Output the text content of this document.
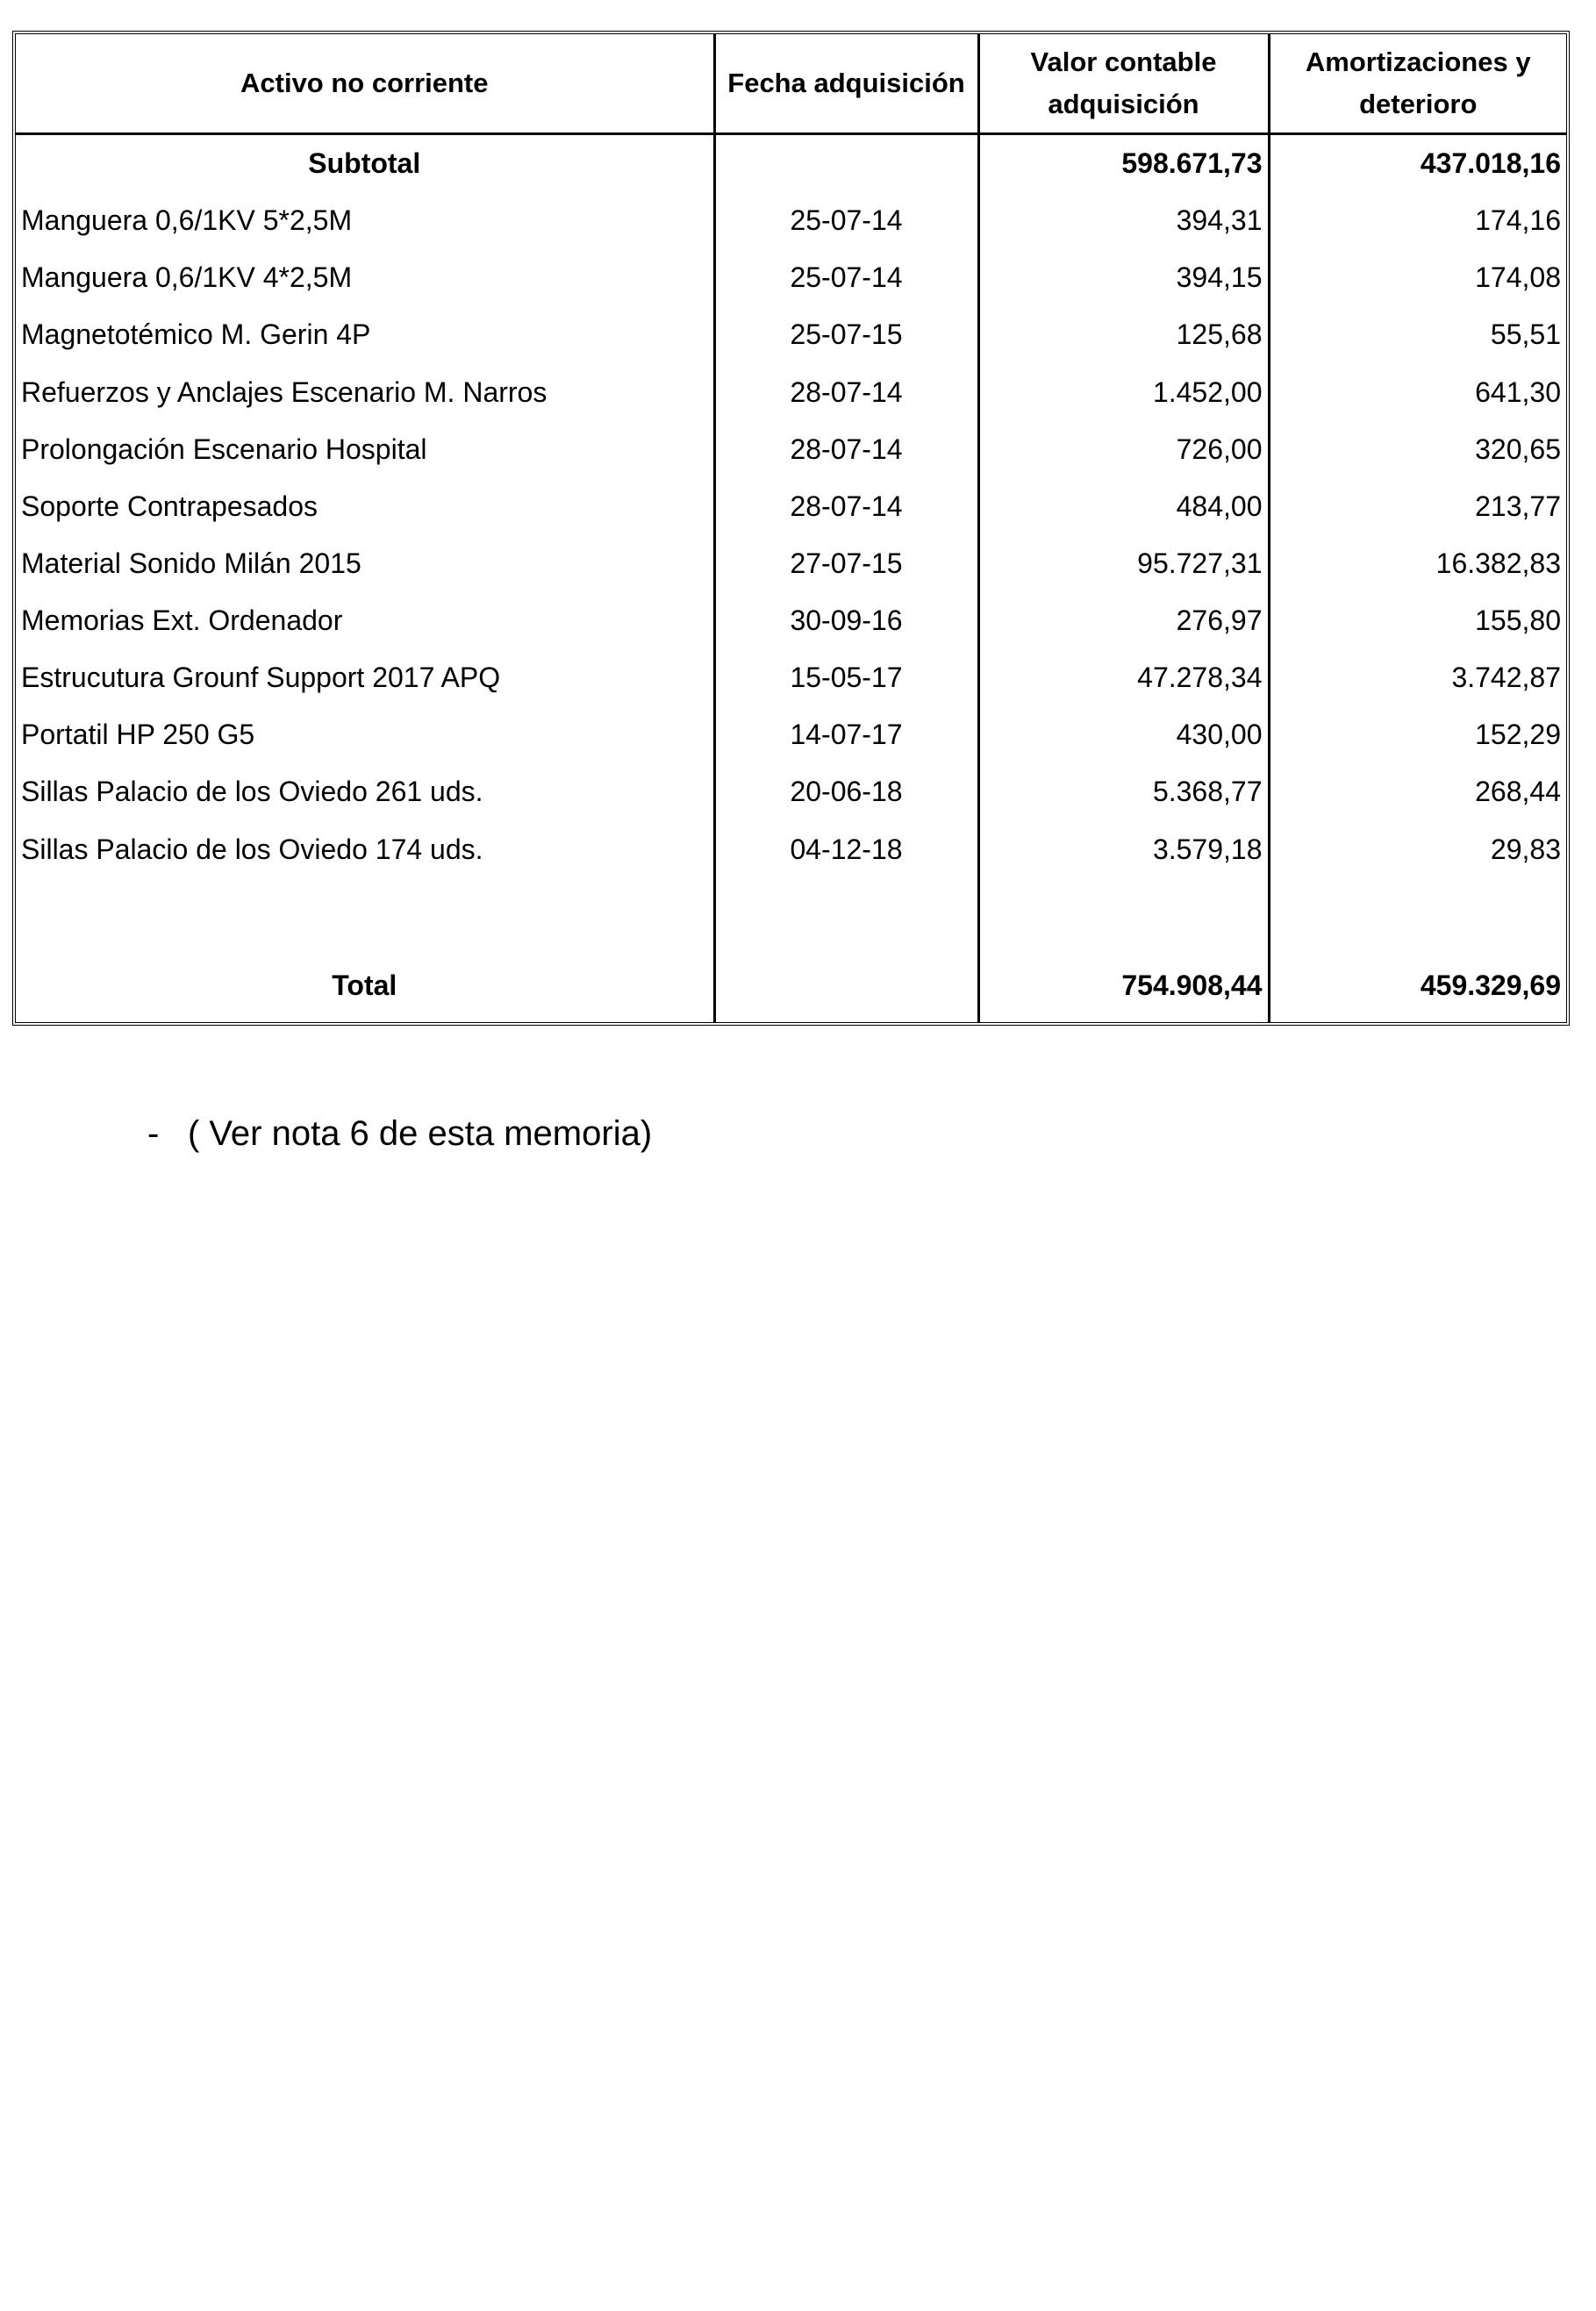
Activo no corriente	Fecha adquisición	Valor contable adquisición	Amortizaciones y deterioro
Subtotal		598.671,73	437.018,16
Manguera 0,6/1KV 5*2,5M	25-07-14	394,31	174,16
Manguera 0,6/1KV 4*2,5M	25-07-14	394,15	174,08
Magnetotémico M. Gerin 4P	25-07-15	125,68	55,51
Refuerzos y Anclajes Escenario M. Narros	28-07-14	1.452,00	641,30
Prolongación Escenario Hospital	28-07-14	726,00	320,65
Soporte Contrapesados	28-07-14	484,00	213,77
Material Sonido Milán 2015	27-07-15	95.727,31	16.382,83
Memorias Ext. Ordenador	30-09-16	276,97	155,80
Estrucutura Grounf Support 2017 APQ	15-05-17	47.278,34	3.742,87
Portatil HP 250 G5	14-07-17	430,00	152,29
Sillas Palacio de los Oviedo 261 uds.	20-06-18	5.368,77	268,44
Sillas Palacio de los Oviedo 174 uds.	04-12-18	3.579,18	29,83

Total		754.908,44	459.329,69
- ( Ver nota 6 de esta memoria)
